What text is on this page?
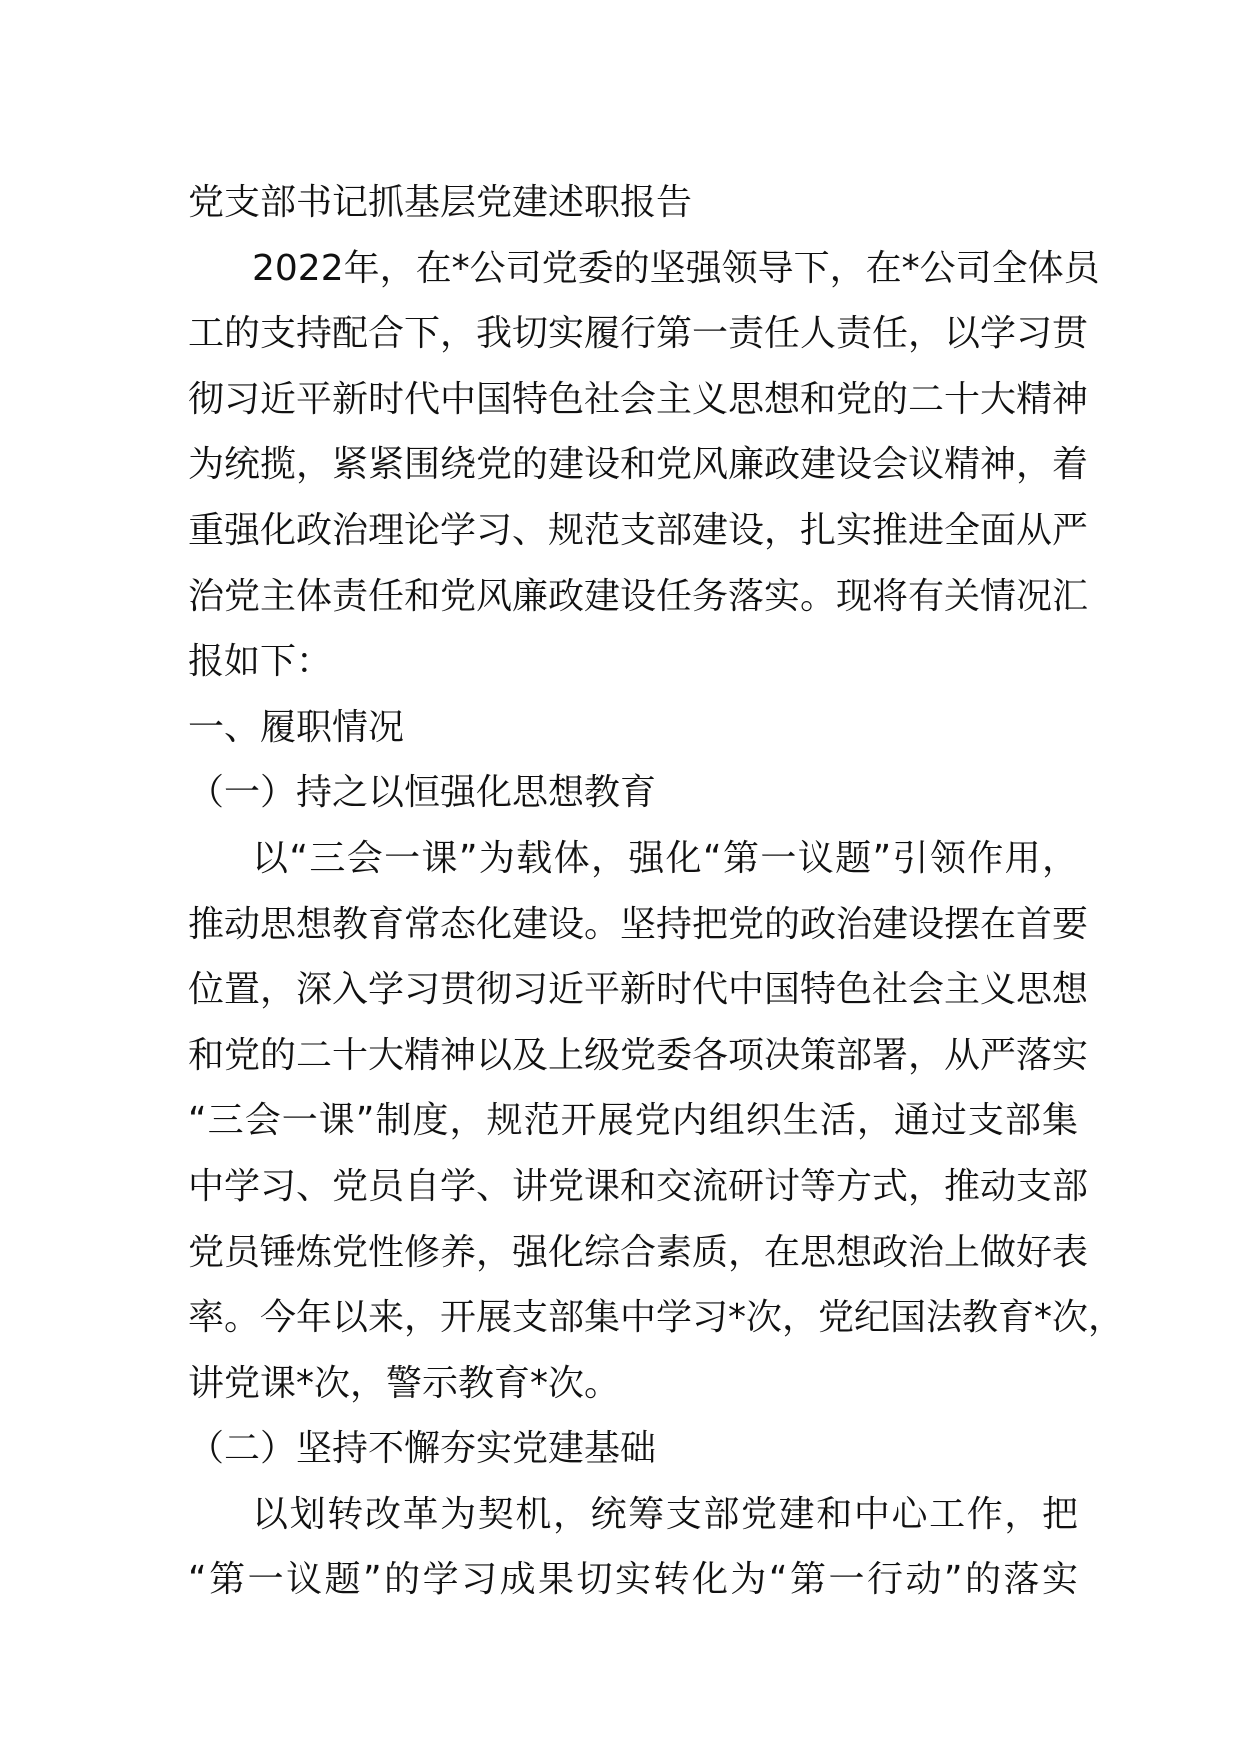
党支部书记抓基层党建述职报告

2022年，在*公司党委的坚强领导下，在*公司全体员
工的支持配合下，我切实履行第一责任人责任，以学习贯
彻习近平新时代中国特色社会主义思想和党的二十大精神
为统揽，紧紧围绕党的建设和党风廉政建设会议精神，着
重强化政治理论学习、规范支部建设，扎实推进全面从严
治党主体责任和党风廉政建设任务落实。现将有关情况汇
报如下：

一、履职情况

（一）持之以恒强化思想教育

以“三会一课”为载体，强化“第一议题”引领作用，
推动思想教育常态化建设。坚持把党的政治建设摆在首要
位置，深入学习贯彻习近平新时代中国特色社会主义思想
和党的二十大精神以及上级党委各项决策部署，从严落实
“三会一课”制度，规范开展党内组织生活，通过支部集
中学习、党员自学、讲党课和交流研讨等方式，推动支部
党员锤炼党性修养，强化综合素质，在思想政治上做好表
率。今年以来，开展支部集中学习*次，党纪国法教育*次，
讲党课*次，警示教育*次。

（二）坚持不懈夯实党建基础

以划转改革为契机，统筹支部党建和中心工作，把
“第一议题”的学习成果切实转化为“第一行动”的落实
